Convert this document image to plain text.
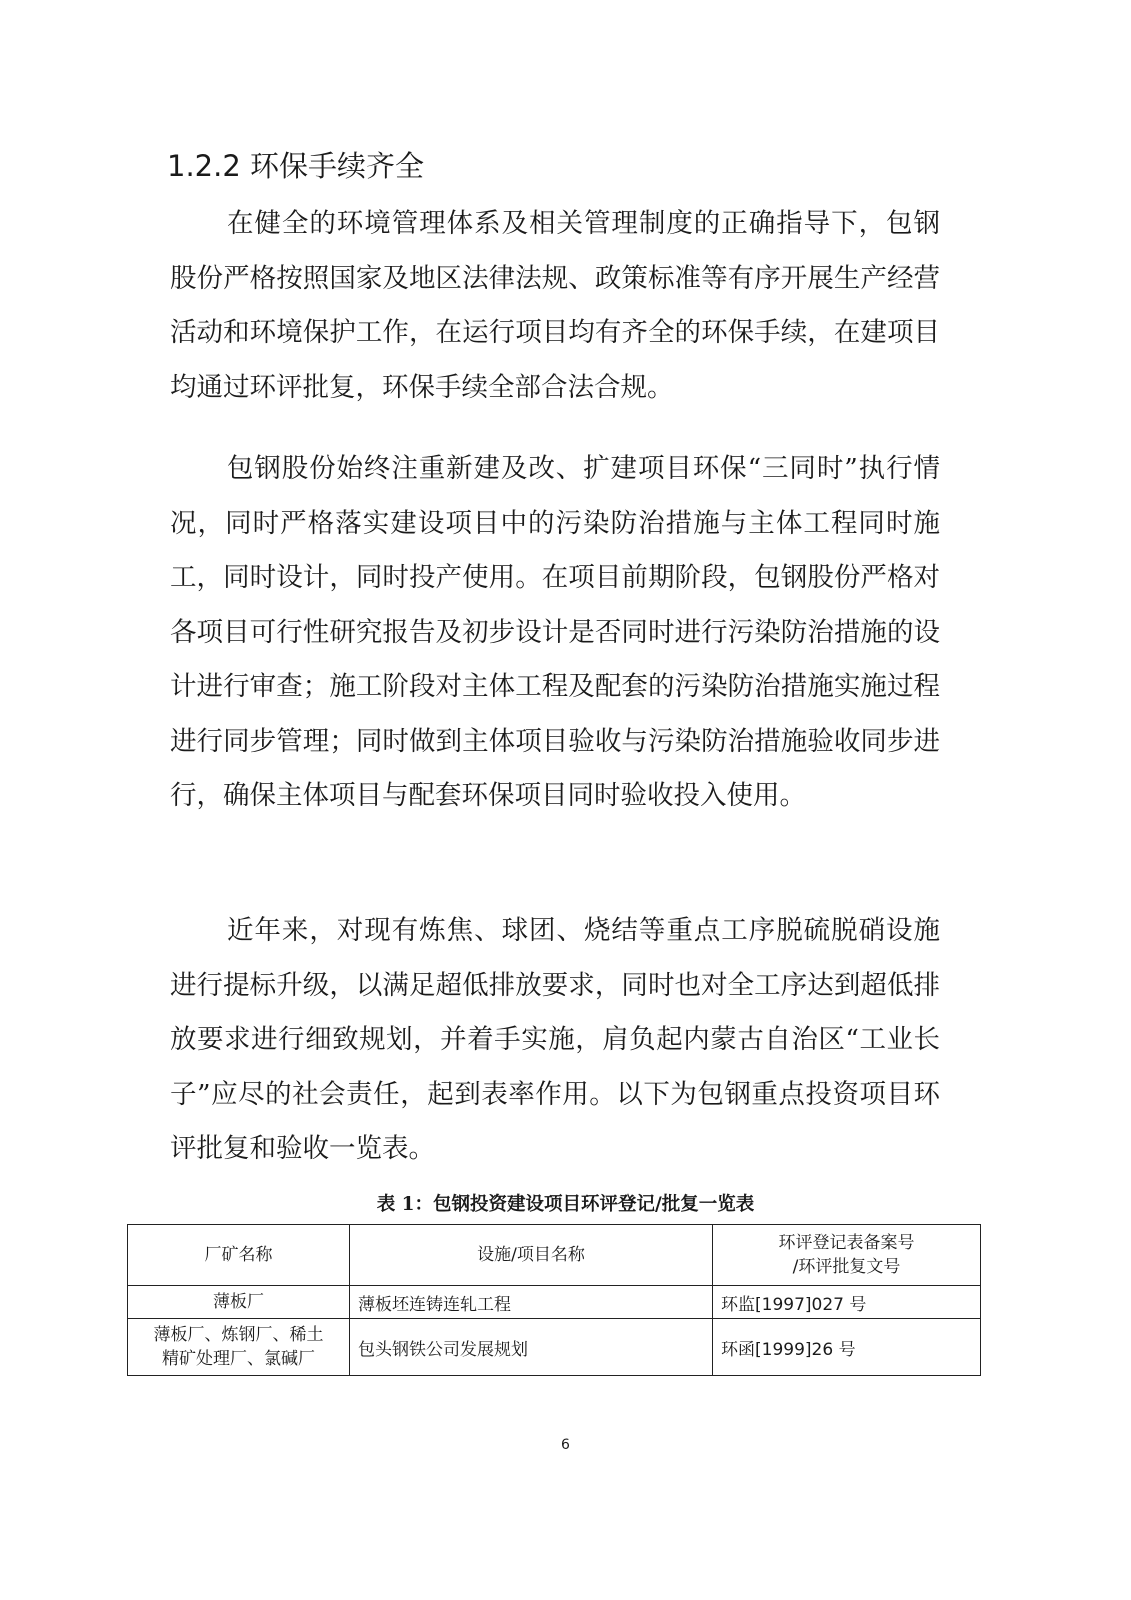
1.2.2 环保手续齐全
在健全的环境管理体系及相关管理制度的正确指导下，包钢股份严格按照国家及地区法律法规、政策标准等有序开展生产经营活动和环境保护工作，在运行项目均有齐全的环保手续，在建项目均通过环评批复，环保手续全部合法合规。
包钢股份始终注重新建及改、扩建项目环保“三同时”执行情况，同时严格落实建设项目中的污染防治措施与主体工程同时施工，同时设计，同时投产使用。在项目前期阶段，包钢股份严格对各项目可行性研究报告及初步设计是否同时进行污染防治措施的设计进行审查；施工阶段对主体工程及配套的污染防治措施实施过程进行同步管理；同时做到主体项目验收与污染防治措施验收同步进行，确保主体项目与配套环保项目同时验收投入使用。
近年来，对现有炼焦、球团、烧结等重点工序脱硫脱硝设施进行提标升级，以满足超低排放要求，同时也对全工序达到超低排放要求进行细致规划，并着手实施，肩负起内蒙古自治区“工业长子”应尽的社会责任，起到表率作用。以下为包钢重点投资项目环评批复和验收一览表。
表 1：包钢投资建设项目环评登记/批复一览表
厂矿名称	设施/项目名称	环评登记表备案号
/环评批复文号
薄板厂	薄板坯连铸连轧工程	环监[1997]027 号
薄板厂、炼钢厂、稀土
精矿处理厂、氯碱厂	包头钢铁公司发展规划	环函[1999]26 号
6
